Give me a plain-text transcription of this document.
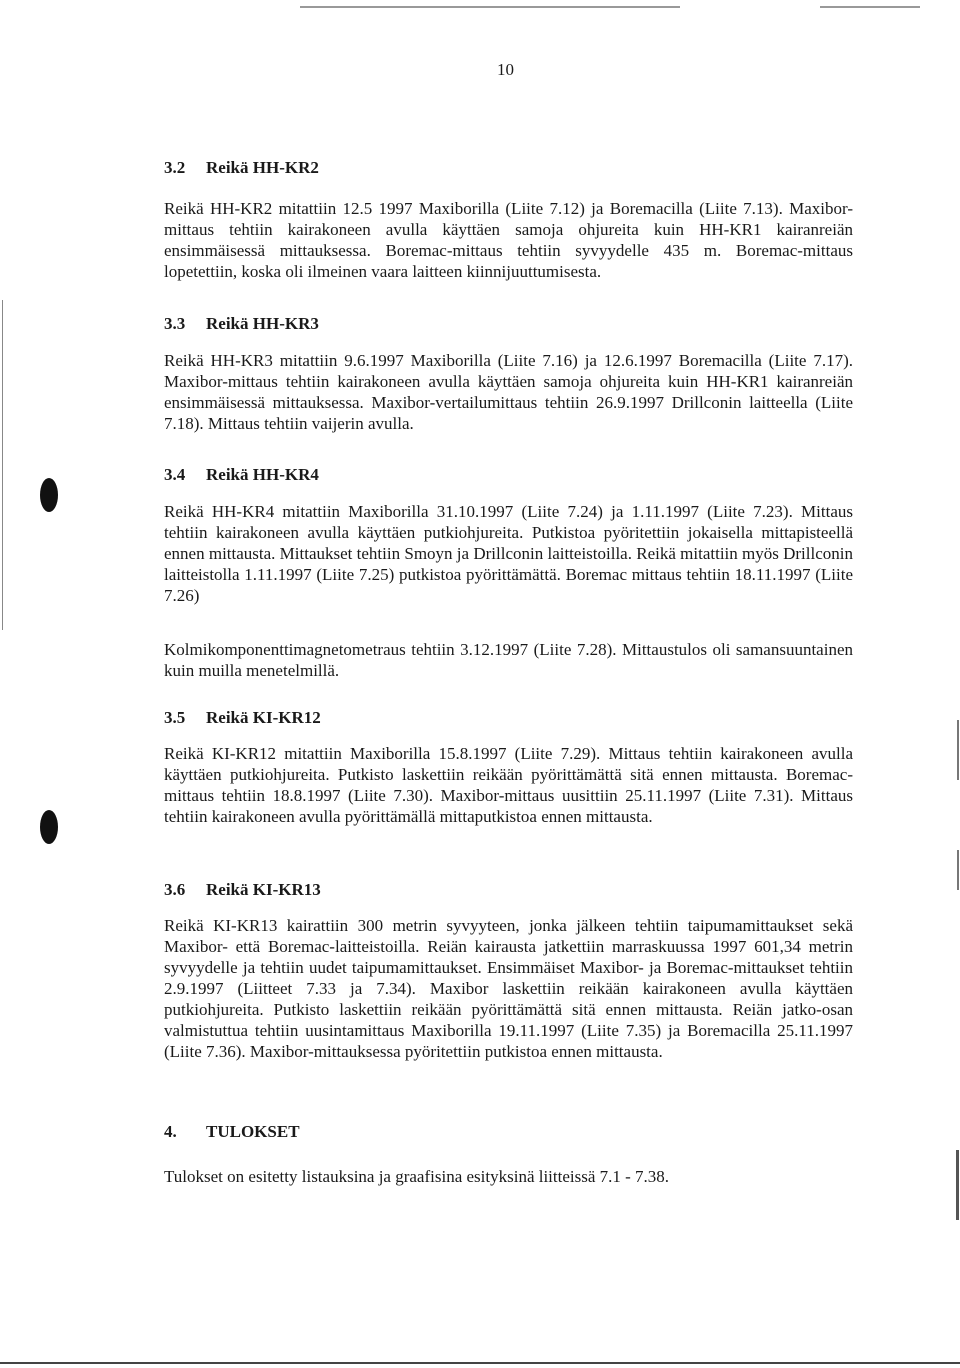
10
3.2 Reikä HH-KR2
Reikä HH-KR2 mitattiin 12.5 1997 Maxiborilla (Liite 7.12) ja Boremacilla (Liite 7.13). Maxibor-mittaus tehtiin kairakoneen avulla käyttäen samoja ohjureita kuin HH-KR1 kairanreiän ensimmäisessä mittauksessa. Boremac-mittaus tehtiin syvyydelle 435 m. Boremac-mittaus lopetettiin, koska oli ilmeinen vaara laitteen kiinnijuuttumisesta.
3.3 Reikä HH-KR3
Reikä HH-KR3 mitattiin 9.6.1997 Maxiborilla (Liite 7.16) ja 12.6.1997 Boremacilla (Liite 7.17). Maxibor-mittaus tehtiin kairakoneen avulla käyttäen samoja ohjureita kuin HH-KR1 kairanreiän ensimmäisessä mittauksessa. Maxibor-vertailumittaus tehtiin 26.9.1997 Drillconin laitteella (Liite 7.18). Mittaus tehtiin vaijerin avulla.
3.4 Reikä HH-KR4
Reikä HH-KR4 mitattiin Maxiborilla 31.10.1997 (Liite 7.24) ja 1.11.1997 (Liite 7.23). Mittaus tehtiin kairakoneen avulla käyttäen putkiohjureita. Putkistoa pyöritettiin jokaisella mittapisteellä ennen mittausta. Mittaukset tehtiin Smoyn ja Drillconin laitteistoilla. Reikä mitattiin myös Drillconin laitteistolla 1.11.1997 (Liite 7.25) putkistoa pyörittämättä. Boremac mittaus tehtiin 18.11.1997 (Liite 7.26)
Kolmikomponenttimagnetometraus tehtiin 3.12.1997 (Liite 7.28). Mittaustulos oli samansuuntainen kuin muilla menetelmillä.
3.5 Reikä KI-KR12
Reikä KI-KR12 mitattiin Maxiborilla 15.8.1997 (Liite 7.29). Mittaus tehtiin kairakoneen avulla käyttäen putkiohjureita. Putkisto laskettiin reikään pyörittämättä sitä ennen mittausta. Boremac-mittaus tehtiin 18.8.1997 (Liite 7.30). Maxibor-mittaus uusittiin 25.11.1997 (Liite 7.31). Mittaus tehtiin kairakoneen avulla pyörittämällä mittaputkistoa ennen mittausta.
3.6 Reikä KI-KR13
Reikä KI-KR13 kairattiin 300 metrin syvyyteen, jonka jälkeen tehtiin taipumamittaukset sekä Maxibor- että Boremac-laitteistoilla. Reiän kairausta jatkettiin marraskuussa 1997 601,34 metrin syvyydelle ja tehtiin uudet taipumamittaukset. Ensimmäiset Maxibor- ja Boremac-mittaukset tehtiin 2.9.1997 (Liitteet 7.33 ja 7.34). Maxibor laskettiin reikään kairakoneen avulla käyttäen putkiohjureita. Putkisto laskettiin reikään pyörittämättä sitä ennen mittausta. Reiän jatko-osan valmistuttua tehtiin uusintamittaus Maxiborilla 19.11.1997 (Liite 7.35) ja Boremacilla 25.11.1997 (Liite 7.36). Maxibor-mittauksessa pyöritettiin putkistoa ennen mittausta.
4. TULOKSET
Tulokset on esitetty listauksina ja graafisina esityksinä liitteissä 7.1 - 7.38.
